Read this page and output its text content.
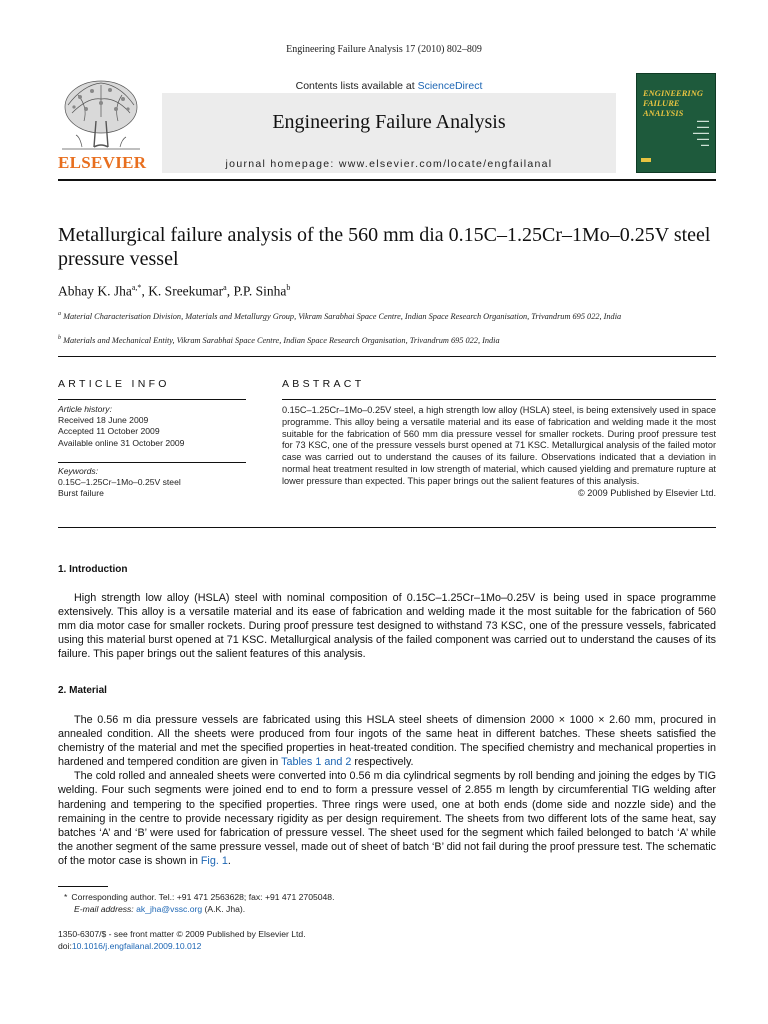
Engineering Failure Analysis 17 (2010) 802–809
ELSEVIER
Contents lists available at ScienceDirect
Engineering Failure Analysis
journal homepage: www.elsevier.com/locate/engfailanal
ENGINEERING
FAILURE
ANALYSIS
▬▬▬
▬▬▬
▬▬▬▬
▬▬▬
▬▬
Metallurgical failure analysis of the 560 mm dia 0.15C–1.25Cr–1Mo–0.25V steel pressure vessel
Abhay K. Jha$^{a,*}$, K. Sreekumar$^a$, P.P. Sinha$^b$
$^a$ Material Characterisation Division, Materials and Metallurgy Group, Vikram Sarabhai Space Centre, Indian Space Research Organisation, Trivandrum 695 022, India
$^b$ Materials and Mechanical Entity, Vikram Sarabhai Space Centre, Indian Space Research Organisation, Trivandrum 695 022, India
ARTICLE INFO	ABSTRACT
Article history:
Received 18 June 2009
Accepted 11 October 2009
Available online 31 October 2009
Keywords:
0.15C–1.25Cr–1Mo–0.25V steel
Burst failure
0.15C–1.25Cr–1Mo–0.25V steel, a high strength low alloy (HSLA) steel, is being extensively used in space programme. This alloy being a versatile material and its ease of fabrication and welding made it the most suitable for the fabrication of 560 mm dia pressure vessel for smaller rockets. During proof pressure test for 73 KSC, one of the pressure vessels burst opened at 71 KSC. Metallurgical analysis of the failed motor case was carried out to understand the causes of its failure. Observations indicated that a deviation in normal heat treatment resulted in low strength of material, which caused yielding and premature rupture at lower pressure than expected. This paper brings out the salient features of this analysis.
© 2009 Published by Elsevier Ltd.
1. Introduction

High strength low alloy (HSLA) steel with nominal composition of 0.15C–1.25Cr–1Mo–0.25V is being used in space programme extensively. This alloy is a versatile material and its ease of fabrication and welding made it the most suitable for the fabrication of 560 mm dia motor case for smaller rockets. During proof pressure test designed to withstand 73 KSC, one of the pressure vessels, fabricated using this material burst opened at 71 KSC. Metallurgical analysis of the failed component was carried out to understand the causes of its failure. This paper brings out the salient features of this analysis.

2. Material

The 0.56 m dia pressure vessels are fabricated using this HSLA steel sheets of dimension 2000 × 1000 × 2.60 mm, procured in annealed condition. All the sheets were produced from four ingots of the same heat in different batches. These sheets satisfied the chemistry of the material and met the specified properties in heat-treated condition. The specified chemistry and mechanical properties in hardened and tempered condition are given in Tables 1 and 2 respectively.

The cold rolled and annealed sheets were converted into 0.56 m dia cylindrical segments by roll bending and joining the edges by TIG welding. Four such segments were joined end to end to form a pressure vessel of 2.855 m length by circumferential TIG welding after hardening and tempering to the specified properties. Three rings were used, one at both ends (dome side and nozzle side) and the remaining in the centre to provide necessary rigidity as per design requirement. The sheets from two different lots of the same heat, say batches ‘A’ and ‘B’ were used for fabrication of pressure vessel. The sheet used for the segment which failed belonged to batch ‘A’ while the another segment of the same pressure vessel, made out of sheet of batch ‘B’ did not fail during the proof pressure test. The schematic of the motor case is shown in Fig. 1.

* Corresponding author. Tel.: +91 471 2563628; fax: +91 471 2705048.
E-mail address: ak_jha@vssc.org (A.K. Jha).
1350-6307/$ - see front matter © 2009 Published by Elsevier Ltd.
doi:10.1016/j.engfailanal.2009.10.012
